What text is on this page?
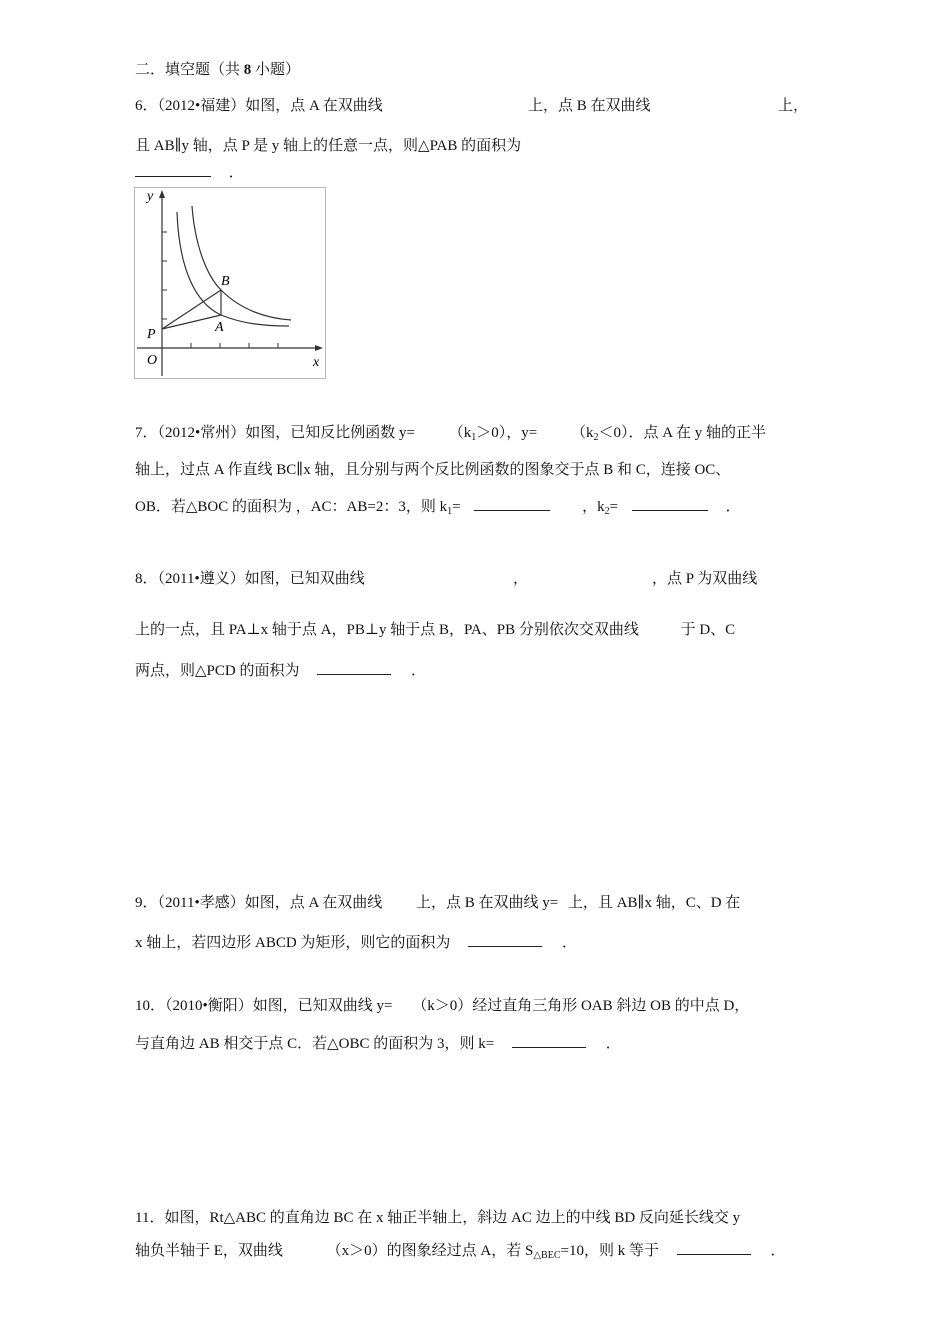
二．填空题（共 8 小题）
6．（2012•福建）如图，点 A 在双曲线	上，点 B 在双曲线	上，
且 AB∥y 轴，点 P 是 y 轴上的任意一点，则△PAB 的面积为
．
y
x
O
P	A
B
7．（2012•常州）如图，已知反比例函数 $y= (k_1>0)$，$y= (k_2<0)$．点 A 在 y 轴的正半
轴上，过点 A 作直线 BC∥x 轴，且分别与两个反比例函数的图象交于点 B 和 C，连接 OC、
OB．若△BOC 的面积为 ，AC：AB=2：3，则 $k_1=$	，$k_2=$	．
8．（2011•遵义）如图，已知双曲线	，	，点 P 为双曲线
上的一点，且 PA⊥x 轴于点 A，PB⊥y 轴于点 B，PA、PB 分别依次交双曲线	于 D、C
两点，则△PCD 的面积为	．
9．（2011•孝感）如图，点 A 在双曲线 上，点 B 在双曲线 y= 上，且 AB∥x 轴，C、D 在
x 轴上，若四边形 ABCD 为矩形，则它的面积为	．
10．（2010•衡阳）如图，已知双曲线 y= （k＞0）经过直角三角形 OAB 斜边 OB 的中点 D，
与直角边 AB 相交于点 C．若△OBC 的面积为 3，则 k=	．
11．如图，Rt△ABC 的直角边 BC 在 x 轴正半轴上，斜边 AC 边上的中线 BD 反向延长线交 y
轴负半轴于 E，双曲线	（x＞0）的图象经过点 A，若 $S_{\triangle BEC}=10$，则 k 等于	．
